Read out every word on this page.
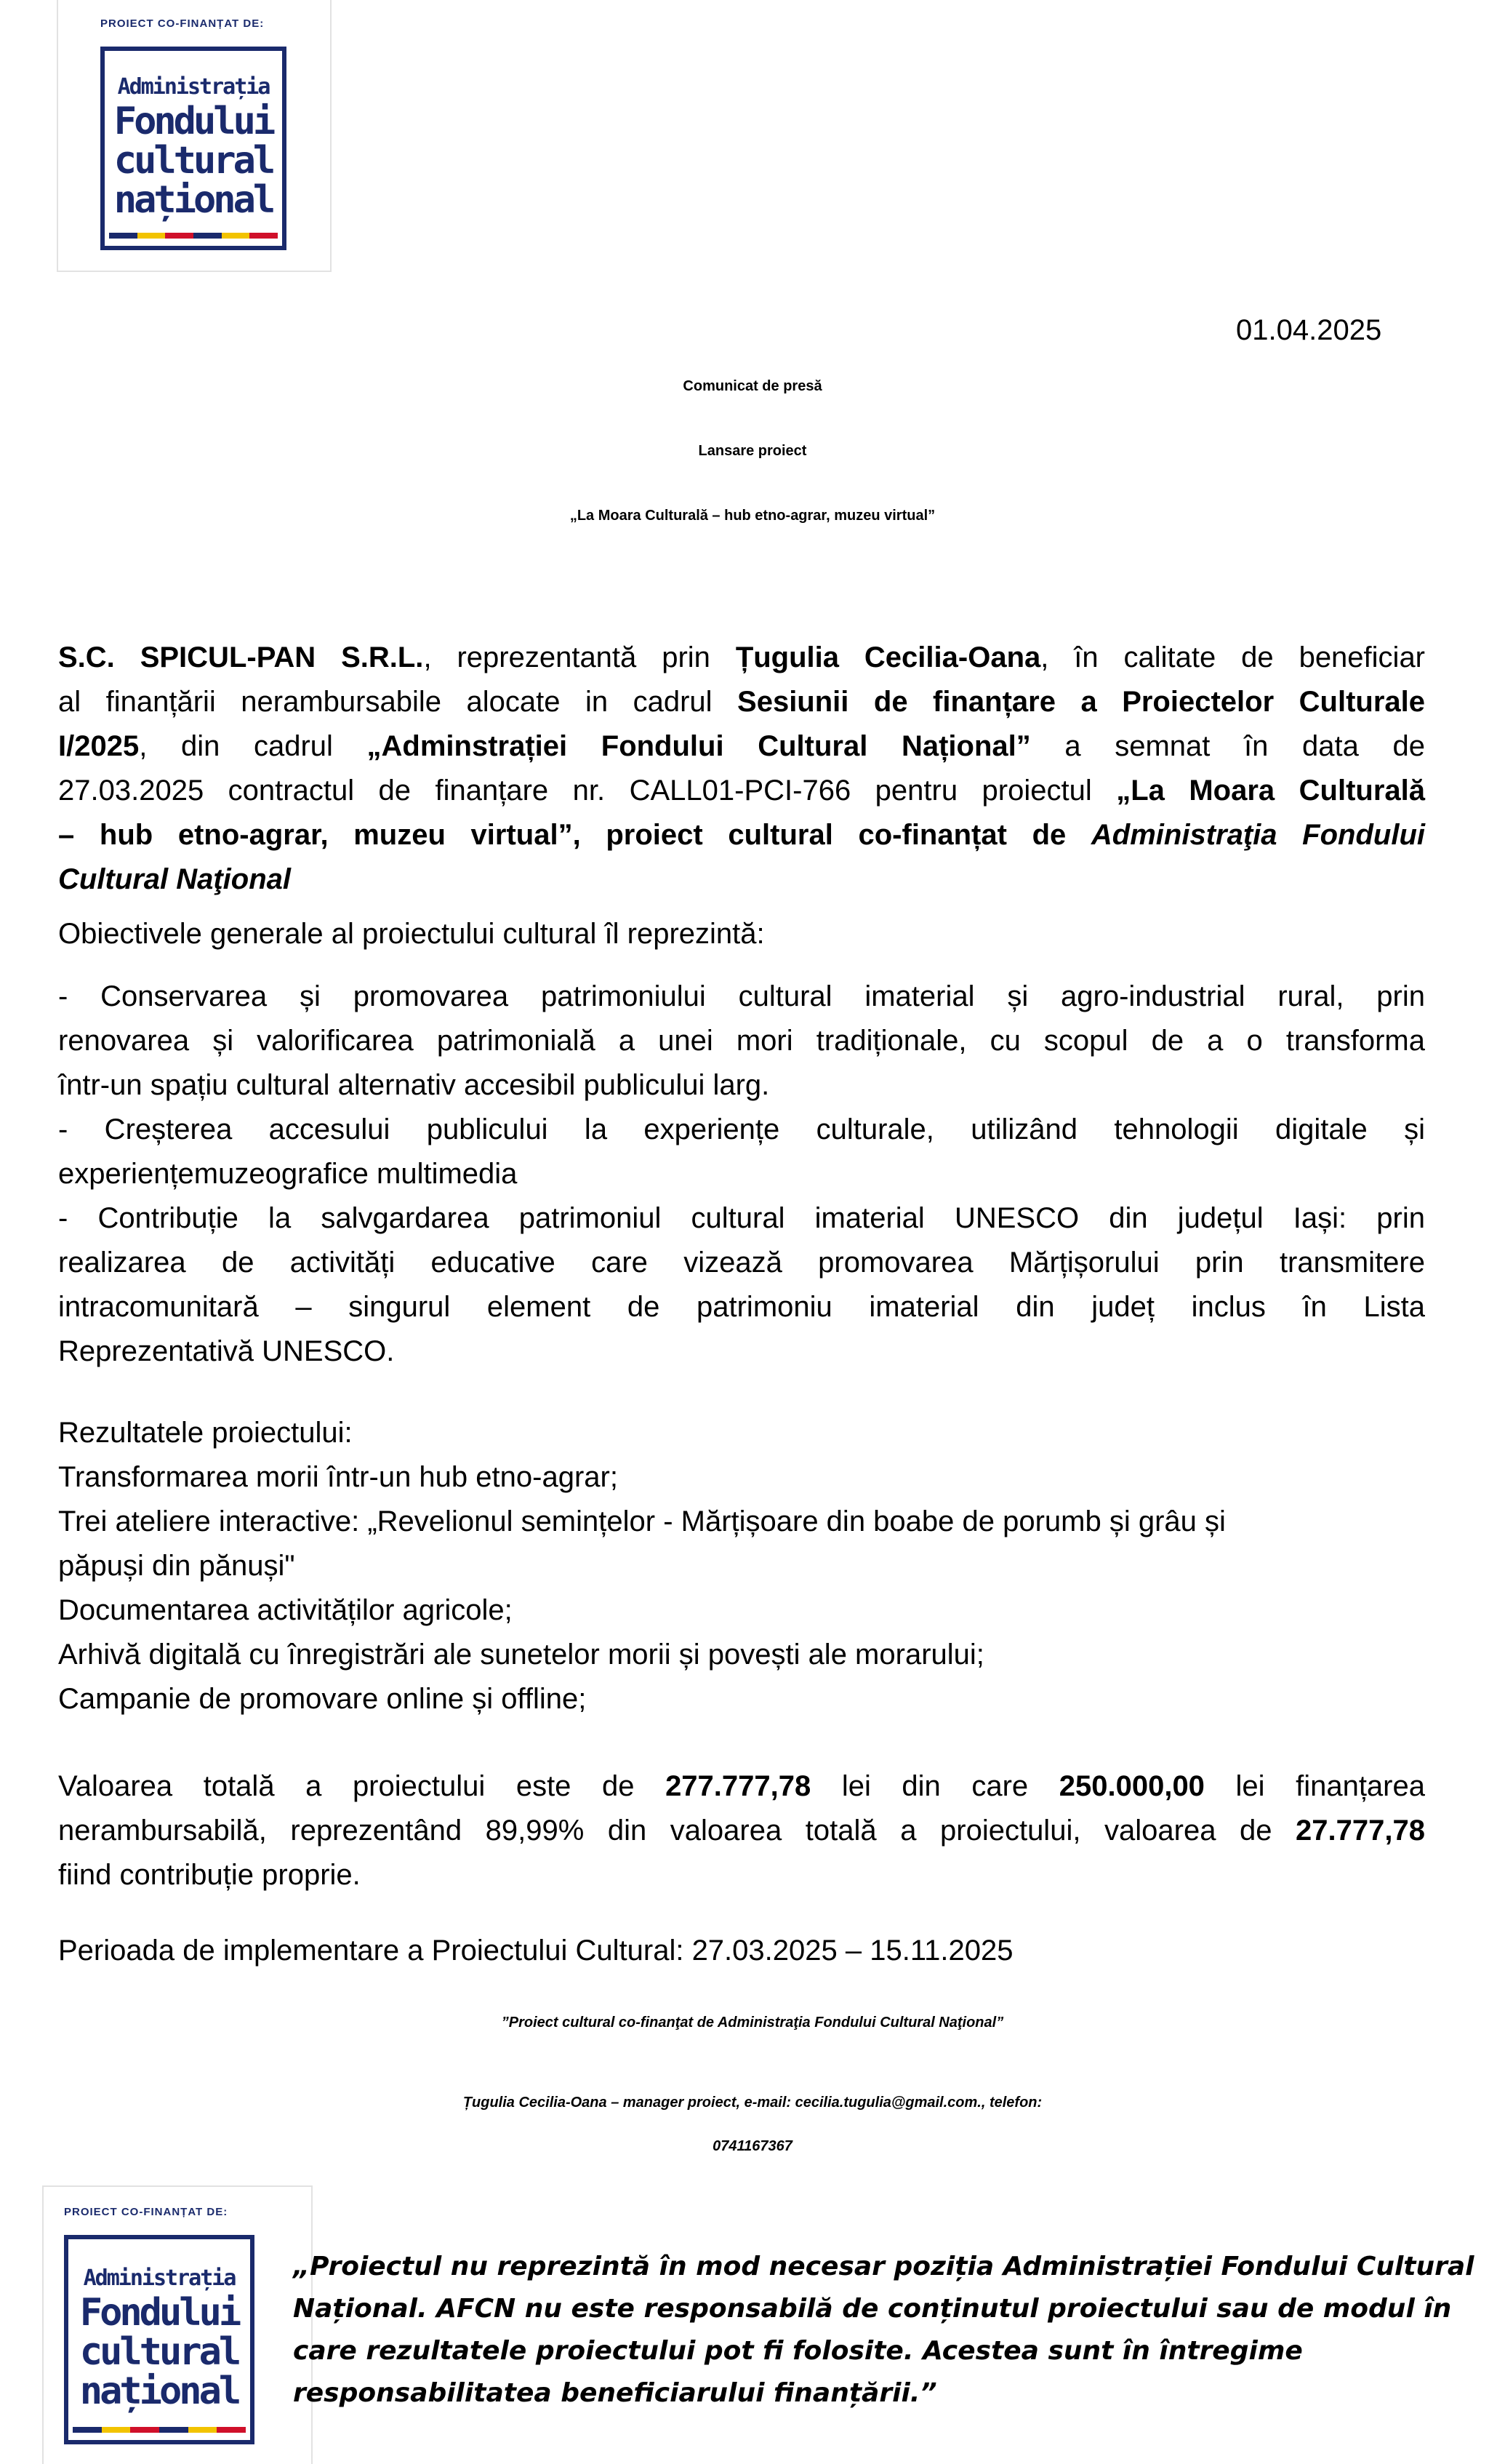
PROIECT CO-FINANȚAT DE:
Administrația
Fondului
cultural
național
01.04.2025
Comunicat de presă
Lansare proiect
„La Moara Culturală – hub etno-agrar, muzeu virtual”
S.C. SPICUL-PAN S.R.L., reprezentantă prin Țugulia Cecilia-Oana, în calitate de beneficiar
al finanțării nerambursabile alocate in cadrul Sesiunii de finanțare a Proiectelor Culturale
I/2025, din cadrul „Adminstrației Fondului Cultural Național” a semnat în data de
27.03.2025 contractul de finanțare nr. CALL01-PCI-766 pentru proiectul „La Moara Culturală
– hub etno-agrar, muzeu virtual”, proiect cultural co-finanțat de Administraţia Fondului
Cultural Naţional
Obiectivele generale al proiectului cultural îl reprezintă:
- Conservarea și promovarea patrimoniului cultural imaterial și agro-industrial rural, prin
renovarea și valorificarea patrimonială a unei mori tradiționale, cu scopul de a o transforma
într-un spațiu cultural alternativ accesibil publicului larg.
- Creșterea accesului publicului la experiențe culturale, utilizând tehnologii digitale și
experiențemuzeografice multimedia
- Contribuție la salvgardarea patrimoniul cultural imaterial UNESCO din județul Iași: prin
realizarea de activități educative care vizează promovarea Mărțișorului prin transmitere
intracomunitară – singurul element de patrimoniu imaterial din județ inclus în Lista
Reprezentativă UNESCO.
Rezultatele proiectului:
Transformarea morii într-un hub etno-agrar;
Trei ateliere interactive: „Revelionul semințelor - Mărțișoare din boabe de porumb și grâu și
păpuși din pănuși"
Documentarea activităților agricole;
Arhivă digitală cu înregistrări ale sunetelor morii și povești ale morarului;
Campanie de promovare online și offline;
Valoarea totală a proiectului este de 277.777,78 lei din care 250.000,00 lei finanțarea
nerambursabilă, reprezentând 89,99% din valoarea totală a proiectului, valoarea de 27.777,78
fiind contribuție proprie.
Perioada de implementare a Proiectului Cultural: 27.03.2025 – 15.11.2025
”Proiect cultural co-finanţat de Administraţia Fondului Cultural Naţional”
Țugulia Cecilia-Oana – manager proiect, e-mail: cecilia.tugulia@gmail.com., telefon:
0741167367
PROIECT CO-FINANȚAT DE:
Administrația
Fondului
cultural
național
„Proiectul nu reprezintă în mod necesar poziția Administrației Fondului Cultural
Național. AFCN nu este responsabilă de conținutul proiectului sau de modul în
care rezultatele proiectului pot fi folosite. Acestea sunt în întregime
responsabilitatea beneficiarului finanțării.”
